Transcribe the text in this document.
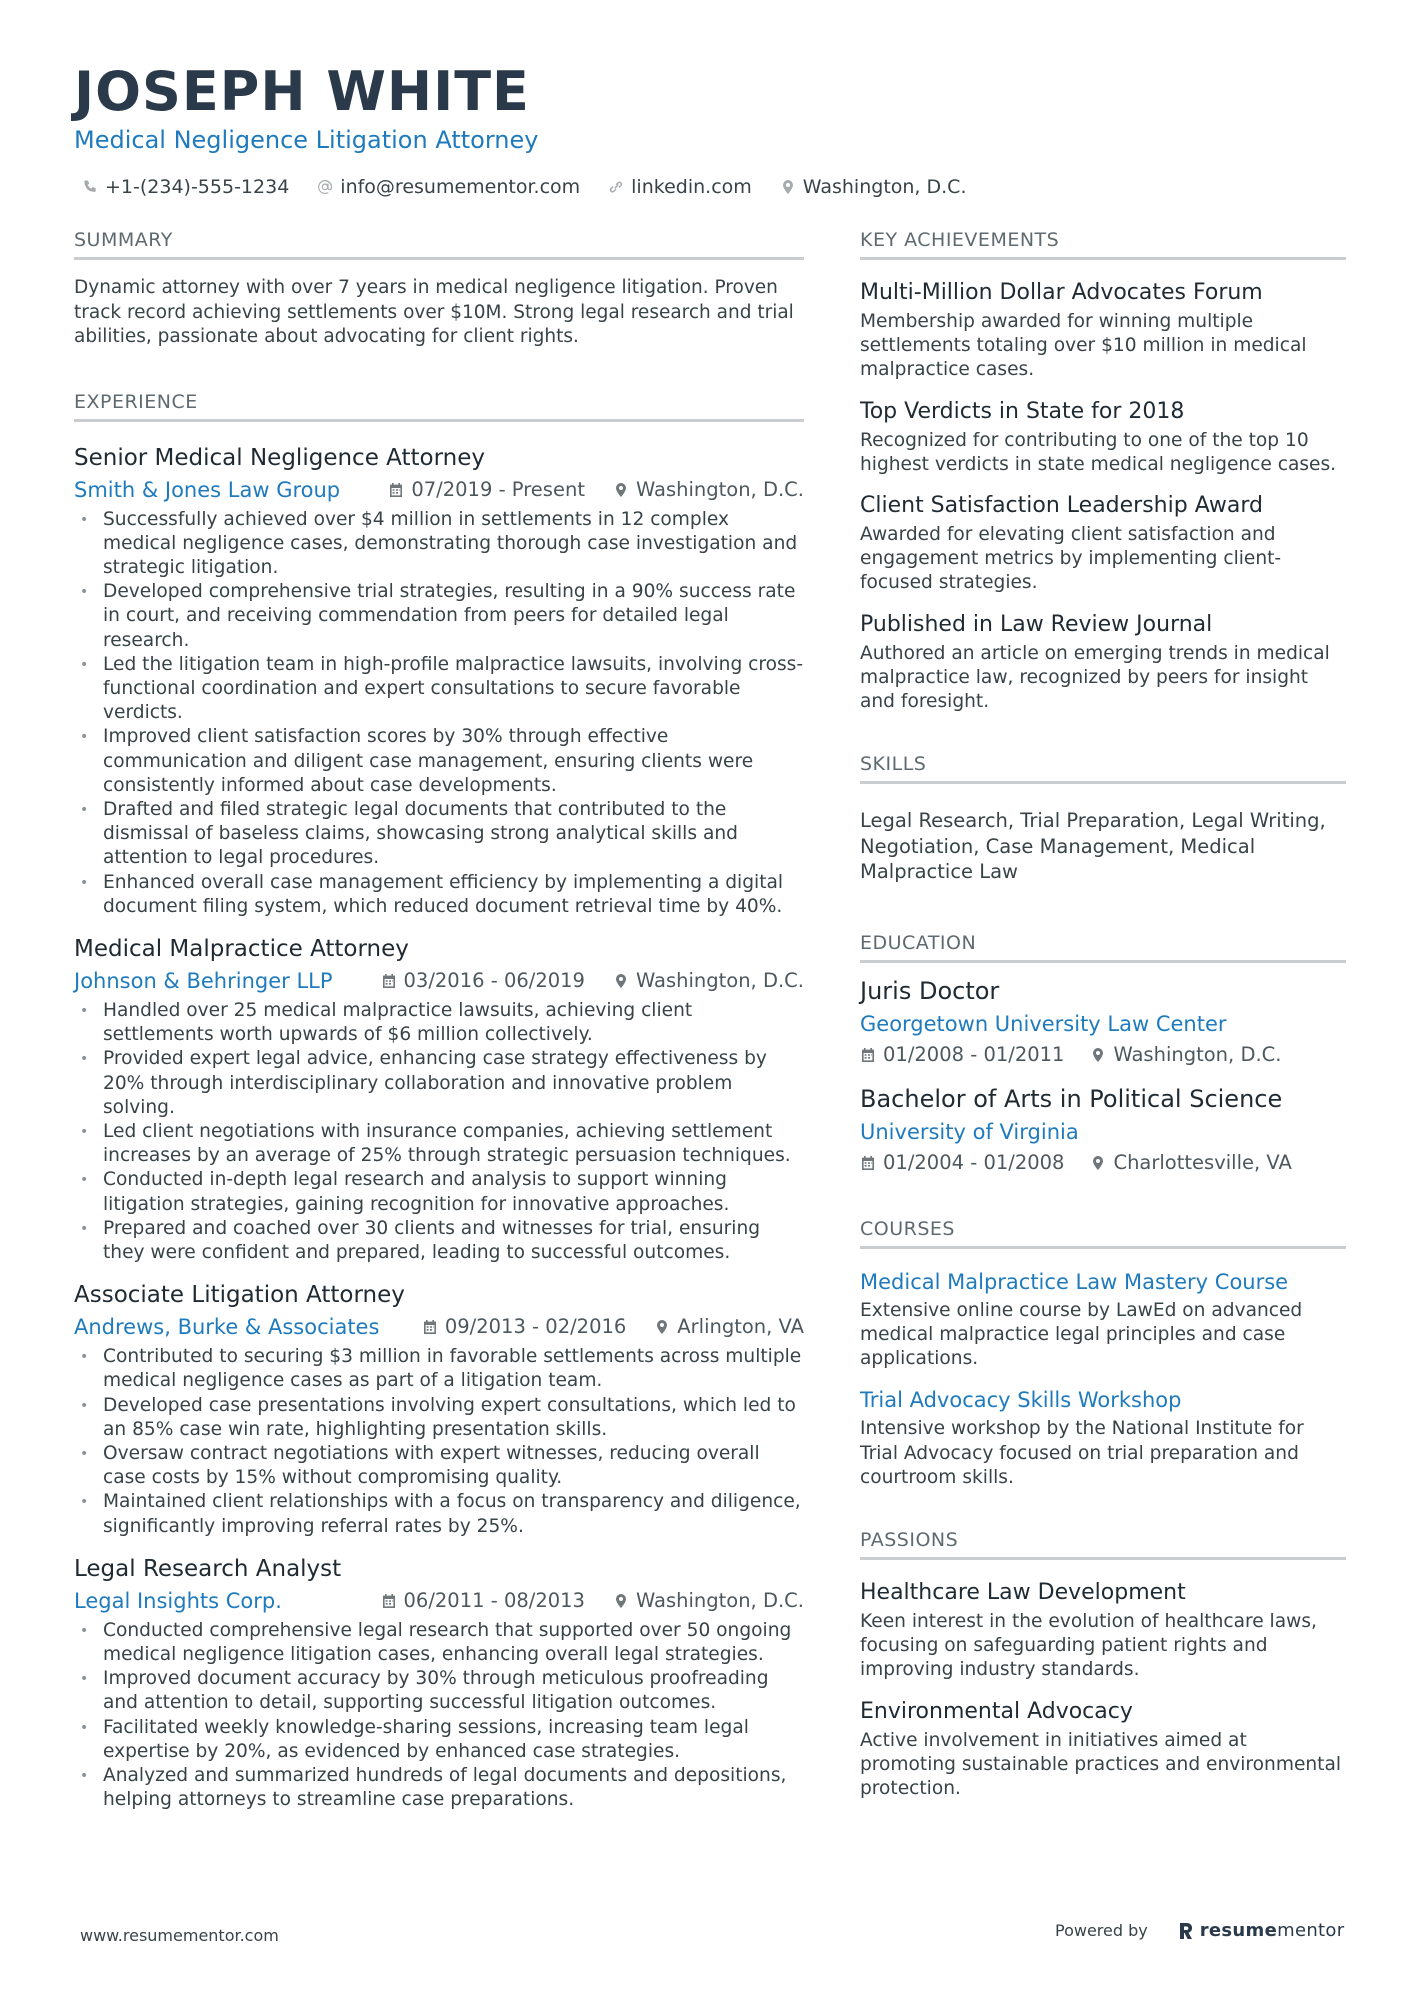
JOSEPH WHITE
Medical Negligence Litigation Attorney
+1-(234)-555-1234	info@resumementor.com	linkedin.com	Washington, D.C.
SUMMARY
Dynamic attorney with over 7 years in medical negligence litigation. Proven track record achieving settlements over $10M. Strong legal research and trial abilities, passionate about advocating for client rights.
EXPERIENCE
Senior Medical Negligence Attorney
Smith & Jones Law Group	07/2019 - Present	Washington, D.C.
• Successfully achieved over $4 million in settlements in 12 complex medical negligence cases, demonstrating thorough case investigation and strategic litigation.
• Developed comprehensive trial strategies, resulting in a 90% success rate in court, and receiving commendation from peers for detailed legal research.
• Led the litigation team in high-profile malpractice lawsuits, involving cross-functional coordination and expert consultations to secure favorable verdicts.
• Improved client satisfaction scores by 30% through effective communication and diligent case management, ensuring clients were consistently informed about case developments.
• Drafted and filed strategic legal documents that contributed to the dismissal of baseless claims, showcasing strong analytical skills and attention to legal procedures.
• Enhanced overall case management efficiency by implementing a digital document filing system, which reduced document retrieval time by 40%.
Medical Malpractice Attorney
Johnson & Behringer LLP	03/2016 - 06/2019	Washington, D.C.
• Handled over 25 medical malpractice lawsuits, achieving client settlements worth upwards of $6 million collectively.
• Provided expert legal advice, enhancing case strategy effectiveness by 20% through interdisciplinary collaboration and innovative problem solving.
• Led client negotiations with insurance companies, achieving settlement increases by an average of 25% through strategic persuasion techniques.
• Conducted in-depth legal research and analysis to support winning litigation strategies, gaining recognition for innovative approaches.
• Prepared and coached over 30 clients and witnesses for trial, ensuring they were confident and prepared, leading to successful outcomes.
Associate Litigation Attorney
Andrews, Burke & Associates	09/2013 - 02/2016	Arlington, VA
• Contributed to securing $3 million in favorable settlements across multiple medical negligence cases as part of a litigation team.
• Developed case presentations involving expert consultations, which led to an 85% case win rate, highlighting presentation skills.
• Oversaw contract negotiations with expert witnesses, reducing overall case costs by 15% without compromising quality.
• Maintained client relationships with a focus on transparency and diligence, significantly improving referral rates by 25%.
Legal Research Analyst
Legal Insights Corp.	06/2011 - 08/2013	Washington, D.C.
• Conducted comprehensive legal research that supported over 50 ongoing medical negligence litigation cases, enhancing overall legal strategies.
• Improved document accuracy by 30% through meticulous proofreading and attention to detail, supporting successful litigation outcomes.
• Facilitated weekly knowledge-sharing sessions, increasing team legal expertise by 20%, as evidenced by enhanced case strategies.
• Analyzed and summarized hundreds of legal documents and depositions, helping attorneys to streamline case preparations.
KEY ACHIEVEMENTS
Multi-Million Dollar Advocates Forum
Membership awarded for winning multiple settlements totaling over $10 million in medical malpractice cases.
Top Verdicts in State for 2018
Recognized for contributing to one of the top 10 highest verdicts in state medical negligence cases.
Client Satisfaction Leadership Award
Awarded for elevating client satisfaction and engagement metrics by implementing client-focused strategies.
Published in Law Review Journal
Authored an article on emerging trends in medical malpractice law, recognized by peers for insight and foresight.
SKILLS
Legal Research, Trial Preparation, Legal Writing, Negotiation, Case Management, Medical Malpractice Law
EDUCATION
Juris Doctor
Georgetown University Law Center
01/2008 - 01/2011	Washington, D.C.
Bachelor of Arts in Political Science
University of Virginia
01/2004 - 01/2008	Charlottesville, VA
COURSES
Medical Malpractice Law Mastery Course
Extensive online course by LawEd on advanced medical malpractice legal principles and case applications.
Trial Advocacy Skills Workshop
Intensive workshop by the National Institute for Trial Advocacy focused on trial preparation and courtroom skills.
PASSIONS
Healthcare Law Development
Keen interest in the evolution of healthcare laws, focusing on safeguarding patient rights and improving industry standards.
Environmental Advocacy
Active involvement in initiatives aimed at promoting sustainable practices and environmental protection.
www.resumementor.com	Powered by	resume mentor
